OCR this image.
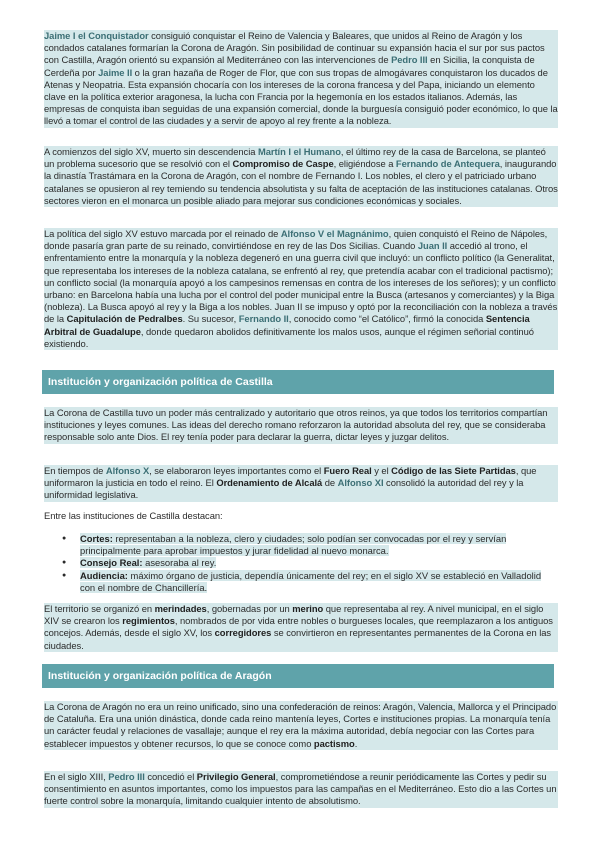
Jaime I el Conquistador consiguió conquistar el Reino de Valencia y Baleares, que unidos al Reino de Aragón y los condados catalanes formarían la Corona de Aragón. Sin posibilidad de continuar su expansión hacia el sur por sus pactos con Castilla, Aragón orientó su expansión al Mediterráneo con las intervenciones de Pedro III en Sicilia, la conquista de Cerdeña por Jaime II o la gran hazaña de Roger de Flor, que con sus tropas de almogávares conquistaron los ducados de Atenas y Neopatria. Esta expansión chocaría con los intereses de la corona francesa y del Papa, iniciando un elemento clave en la política exterior aragonesa, la lucha con Francia por la hegemonía en los estados italianos. Además, las empresas de conquista iban seguidas de una expansión comercial, donde la burguesía consiguió poder económico, lo que la llevó a tomar el control de las ciudades y a servir de apoyo al rey frente a la nobleza.

A comienzos del siglo XV, muerto sin descendencia Martín I el Humano, el último rey de la casa de Barcelona, se planteó un problema sucesorio que se resolvió con el Compromiso de Caspe, eligiéndose a Fernando de Antequera, inaugurando la dinastía Trastámara en la Corona de Aragón, con el nombre de Fernando I. Los nobles, el clero y el patriciado urbano catalanes se opusieron al rey temiendo su tendencia absolutista y su falta de aceptación de las instituciones catalanas. Otros sectores vieron en el monarca un posible aliado para mejorar sus condiciones económicas y sociales.

La política del siglo XV estuvo marcada por el reinado de Alfonso V el Magnánimo, quien conquistó el Reino de Nápoles, donde pasaría gran parte de su reinado, convirtiéndose en rey de las Dos Sicilias. Cuando Juan II accedió al trono, el enfrentamiento entre la monarquía y la nobleza degeneró en una guerra civil que incluyó: un conflicto político (la Generalitat, que representaba los intereses de la nobleza catalana, se enfrentó al rey, que pretendía acabar con el tradicional pactismo); un conflicto social (la monarquía apoyó a los campesinos remensas en contra de los intereses de los señores); y un conflicto urbano: en Barcelona había una lucha por el control del poder municipal entre la Busca (artesanos y comerciantes) y la Biga (nobleza). La Busca apoyó al rey y la Biga a los nobles. Juan II se impuso y optó por la reconciliación con la nobleza a través de la Capitulación de Pedralbes. Su sucesor, Fernando II, conocido como “el Católico”, firmó la conocida Sentencia Arbitral de Guadalupe, donde quedaron abolidos definitivamente los malos usos, aunque el régimen señorial continuó existiendo.

Institución y organización política de Castilla

La Corona de Castilla tuvo un poder más centralizado y autoritario que otros reinos, ya que todos los territorios compartían instituciones y leyes comunes. Las ideas del derecho romano reforzaron la autoridad absoluta del rey, que se consideraba responsable solo ante Dios. El rey tenía poder para declarar la guerra, dictar leyes y juzgar delitos.

En tiempos de Alfonso X, se elaboraron leyes importantes como el Fuero Real y el Código de las Siete Partidas, que uniformaron la justicia en todo el reino. El Ordenamiento de Alcalá de Alfonso XI consolidó la autoridad del rey y la uniformidad legislativa.

Entre las instituciones de Castilla destacan:

● Cortes: representaban a la nobleza, clero y ciudades; solo podían ser convocadas por el rey y servían principalmente para aprobar impuestos y jurar fidelidad al nuevo monarca.
● Consejo Real: asesoraba al rey.
● Audiencia: máximo órgano de justicia, dependía únicamente del rey; en el siglo XV se estableció en Valladolid con el nombre de Chancillería.

El territorio se organizó en merindades, gobernadas por un merino que representaba al rey. A nivel municipal, en el siglo XIV se crearon los regimientos, nombrados de por vida entre nobles o burgueses locales, que reemplazaron a los antiguos concejos. Además, desde el siglo XV, los corregidores se convirtieron en representantes permanentes de la Corona en las ciudades.

Institución y organización política de Aragón

La Corona de Aragón no era un reino unificado, sino una confederación de reinos: Aragón, Valencia, Mallorca y el Principado de Cataluña. Era una unión dinástica, donde cada reino mantenía leyes, Cortes e instituciones propias. La monarquía tenía un carácter feudal y relaciones de vasallaje; aunque el rey era la máxima autoridad, debía negociar con las Cortes para establecer impuestos y obtener recursos, lo que se conoce como pactismo.

En el siglo XIII, Pedro III concedió el Privilegio General, comprometiéndose a reunir periódicamente las Cortes y pedir su consentimiento en asuntos importantes, como los impuestos para las campañas en el Mediterráneo. Esto dio a las Cortes un fuerte control sobre la monarquía, limitando cualquier intento de absolutismo.
